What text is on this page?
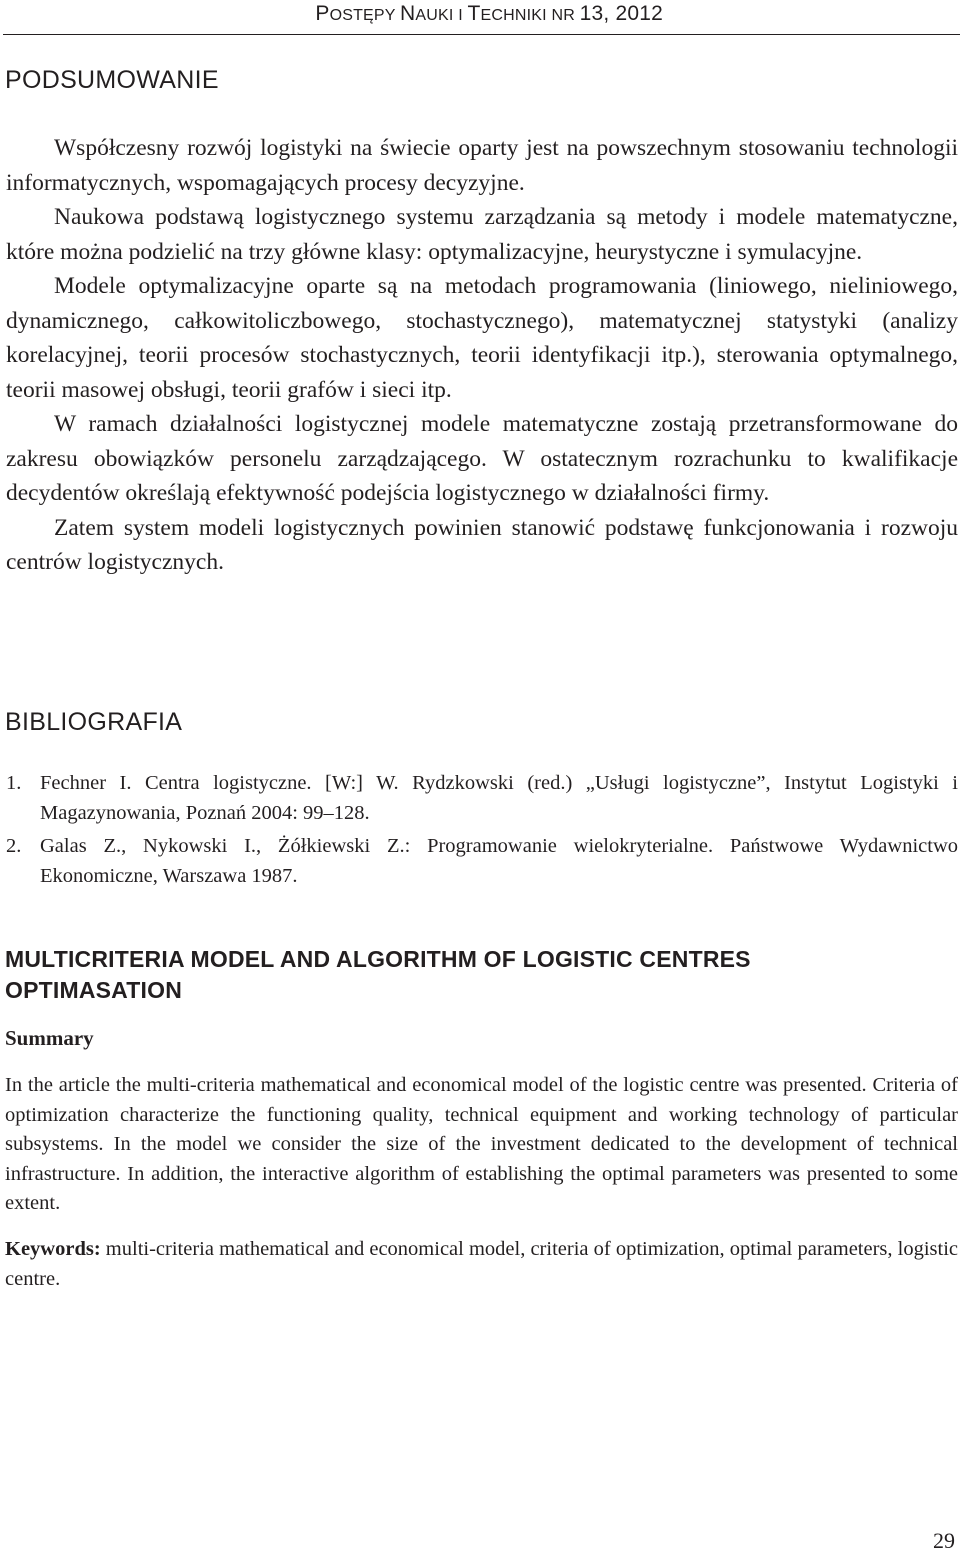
POSTĘPY NAUKI I TECHNIKI NR 13, 2012
PODSUMOWANIE

Współczesny rozwój logistyki na świecie oparty jest na powszechnym stosowaniu technologii informatycznych, wspomagających procesy decyzyjne.

Naukowa podstawą logistycznego systemu zarządzania są metody i modele matematyczne, które można podzielić na trzy główne klasy: optymalizacyjne, heurystyczne i symulacyjne.

Modele optymalizacyjne oparte są na metodach programowania (liniowego, nieliniowego, dynamicznego, całkowitoliczbowego, stochastycznego), matematycznej statystyki (analizy korelacyjnej, teorii procesów stochastycznych, teorii identyfikacji itp.), sterowania optymalnego, teorii masowej obsługi, teorii grafów i sieci itp.

W ramach działalności logistycznej modele matematyczne zostają przetransformowane do zakresu obowiązków personelu zarządzającego. W ostatecznym rozrachunku to kwalifikacje decydentów określają efektywność podejścia logistycznego w działalności firmy.

Zatem system modeli logistycznych powinien stanowić podstawę funkcjonowania i rozwoju centrów logistycznych.

BIBLIOGRAFIA
1. Fechner I. Centra logistyczne. [W:] W. Rydzkowski (red.) „Usługi logistyczne”, Instytut Logistyki i Magazynowania, Poznań 2004: 99–128.
2. Galas Z., Nykowski I., Żółkiewski Z.: Programowanie wielokryterialne. Państwowe Wydawnictwo Ekonomiczne, Warszawa 1987.
MULTICRITERIA MODEL AND ALGORITHM OF LOGISTIC CENTRES OPTIMASATION
Summary

In the article the multi-criteria mathematical and economical model of the logistic centre was presented. Criteria of optimization characterize the functioning quality, technical equipment and working technology of particular subsystems. In the model we consider the size of the investment dedicated to the development of technical infrastructure. In addition, the interactive algorithm of establishing the optimal parameters was presented to some extent.

Keywords: multi-criteria mathematical and economical model, criteria of optimization, optimal parameters, logistic centre.

29
